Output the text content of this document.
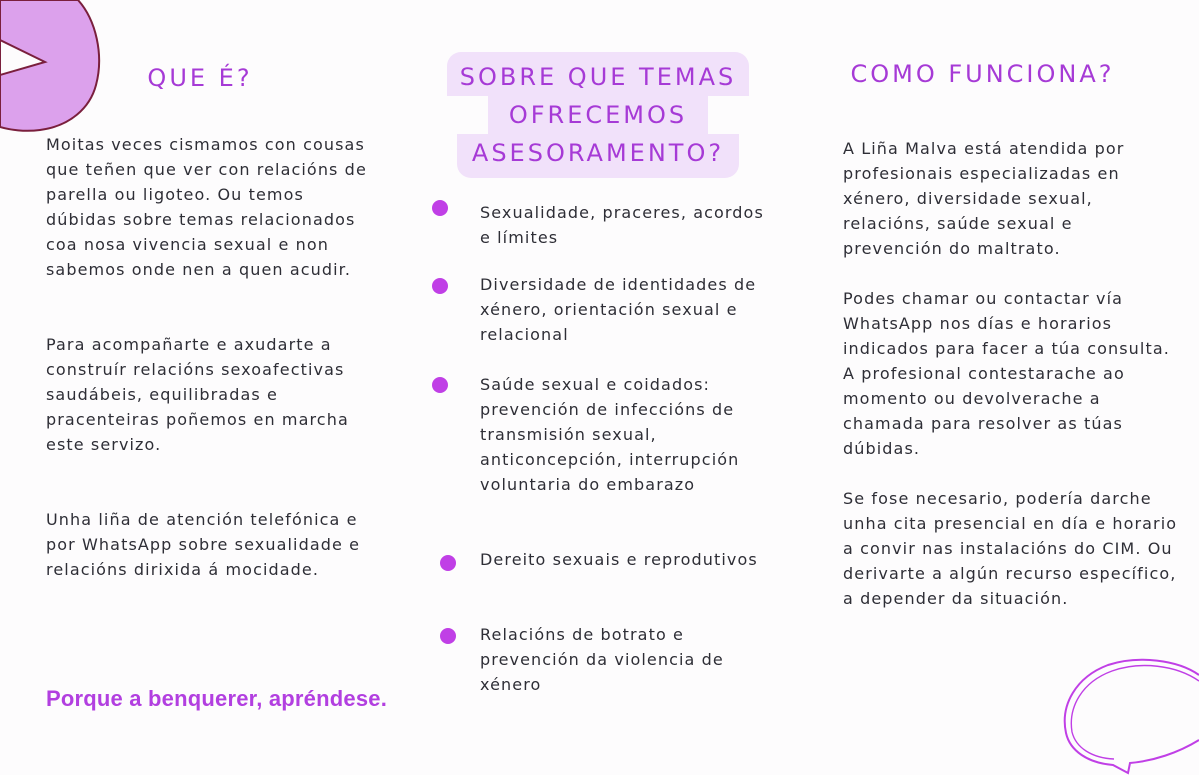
QUE É?

Moitas veces cismamos con cousas que teñen que ver con relacións de parella ou ligoteo. Ou temos dúbidas sobre temas relacionados coa nosa vivencia sexual e non sabemos onde nen a quen acudir.

Para acompañarte e axudarte a construír relacións sexoafectivas saudábeis, equilibradas e pracenteiras poñemos en marcha este servizo.

Unha liña de atención telefónica e por WhatsApp sobre sexualidade e relacións dirixida á mocidade.

Porque a benquerer, apréndese.
SOBRE QUE TEMAS
OFRECEMOS
ASESORAMENTO?

Sexualidade, praceres, acordos e límites

Diversidade de identidades de xénero, orientación sexual e relacional

Saúde sexual e coidados: prevención de infeccións de transmisión sexual, anticoncepción, interrupción voluntaria do embarazo

Dereito sexuais e reprodutivos

Relacións de botrato e prevención da violencia de xénero

COMO FUNCIONA?

A Liña Malva está atendida por profesionais especializadas en xénero, diversidade sexual, relacións, saúde sexual e prevención do maltrato.

Podes chamar ou contactar vía WhatsApp nos días e horarios indicados para facer a túa consulta. A profesional contestarache ao momento ou devolverache a chamada para resolver as túas dúbidas.

Se fose necesario, podería darche unha cita presencial en día e horario a convir nas instalacións do CIM. Ou derivarte a algún recurso específico, a depender da situación.
